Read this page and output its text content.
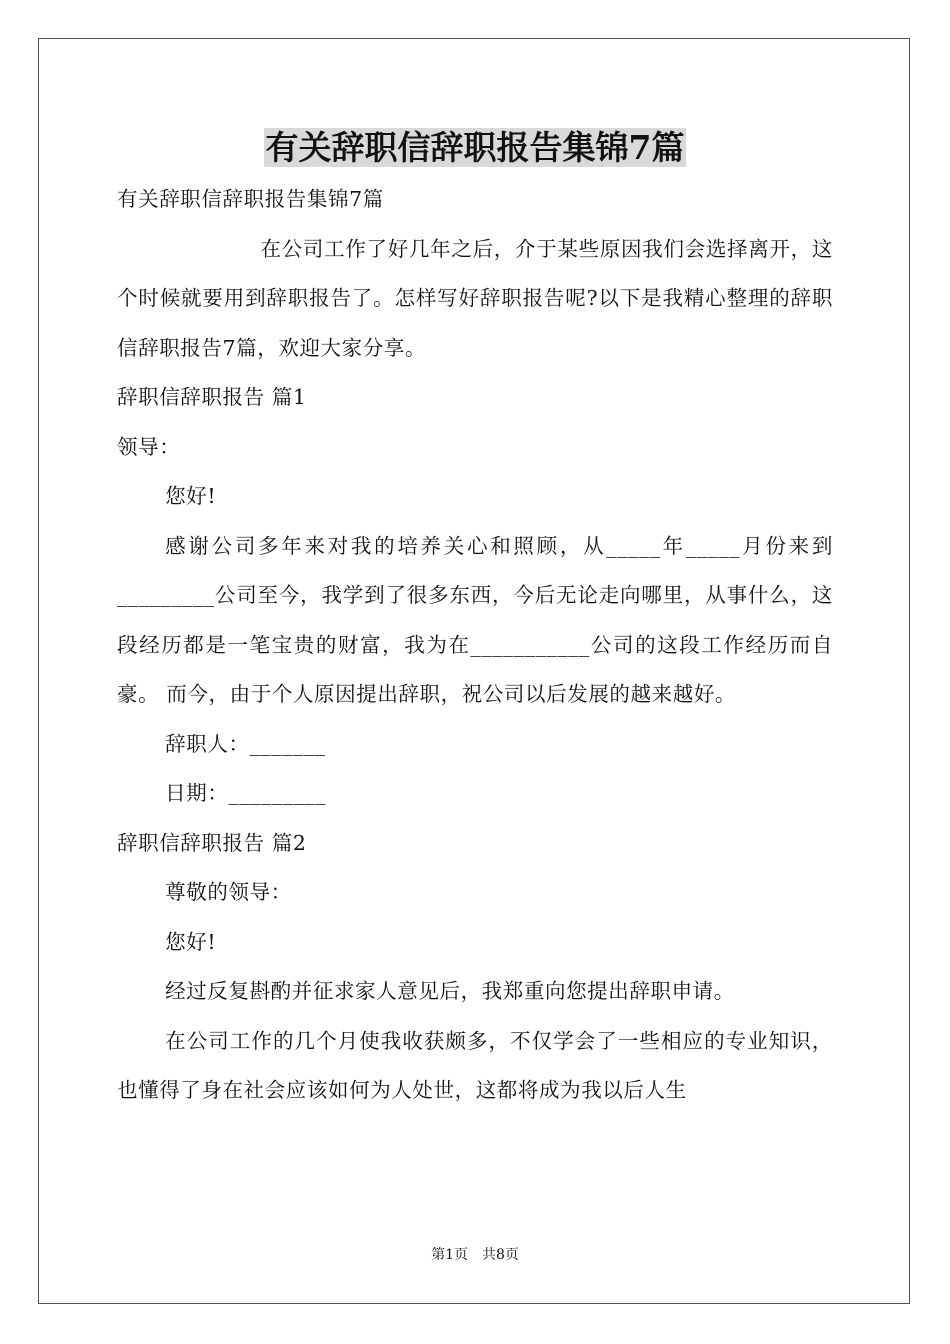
有关辞职信辞职报告集锦7篇

有关辞职信辞职报告集锦7篇

在公司工作了好几年之后，介于某些原因我们会选择离开，这个时候就要用到辞职报告了。怎样写好辞职报告呢?以下是我精心整理的辞职信辞职报告7篇，欢迎大家分享。

辞职信辞职报告 篇1

领导：

您好!

感谢公司多年来对我的培养关心和照顾，从_____年_____月份来到_________公司至今，我学到了很多东西，今后无论走向哪里，从事什么，这段经历都是一笔宝贵的财富，我为在___________公司的这段工作经历而自豪。 而今，由于个人原因提出辞职，祝公司以后发展的越来越好。

辞职人：_______

日期：_________

辞职信辞职报告 篇2

尊敬的领导：

您好!

经过反复斟酌并征求家人意见后，我郑重向您提出辞职申请。

在公司工作的几个月使我收获颇多，不仅学会了一些相应的专业知识，也懂得了身在社会应该如何为人处世，这都将成为我以后人生

第1页　共8页
